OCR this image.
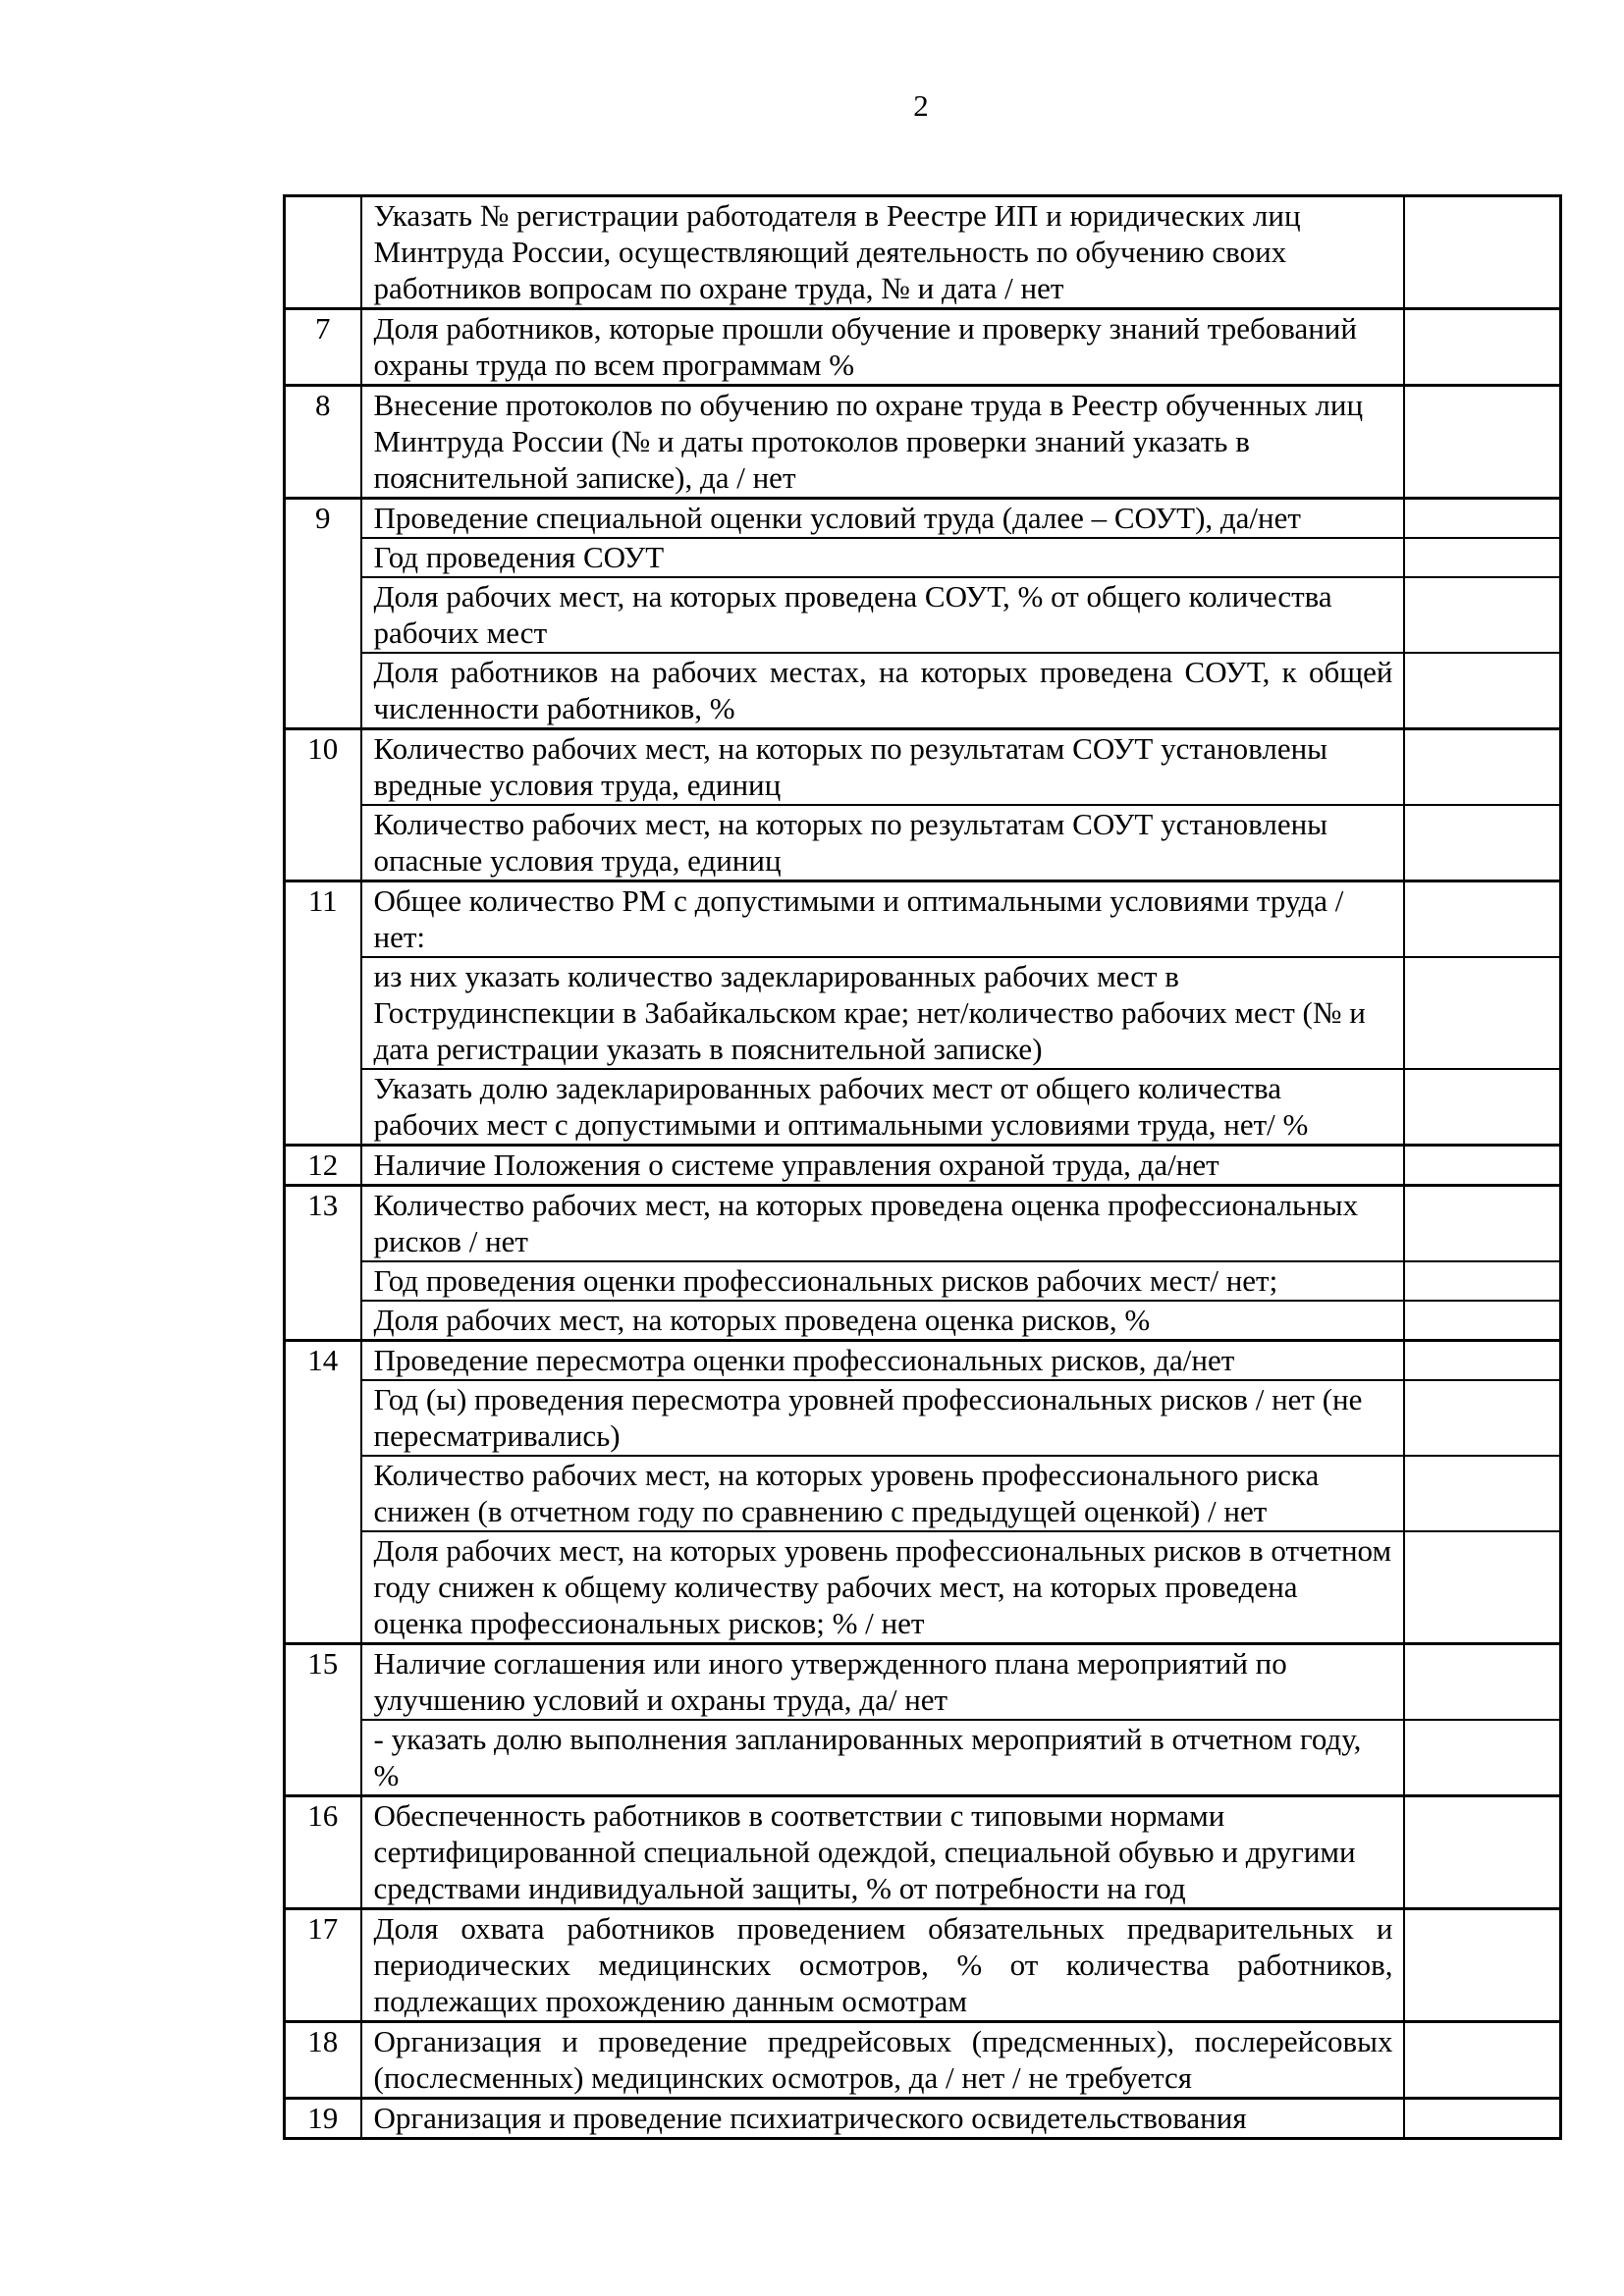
2
	Указать № регистрации работодателя в Реестре ИП и юридических лиц Минтруда России, осуществляющий деятельность по обучению своих работников вопросам по охране труда, № и дата / нет	
7	Доля работников, которые прошли обучение и проверку знаний требований охраны труда по всем программам %	
8	Внесение протоколов по обучению по охране труда в Реестр обученных лиц Минтруда России (№ и даты протоколов проверки знаний указать в пояснительной записке), да / нет	
9	Проведение специальной оценки условий труда (далее – СОУТ), да/нет	
	Год проведения СОУТ	
	Доля рабочих мест, на которых проведена СОУТ, % от общего количества рабочих мест	
	Доля работников на рабочих местах, на которых проведена СОУТ, к общей численности работников, %	
10	Количество рабочих мест, на которых по результатам СОУТ установлены вредные условия труда, единиц	
	Количество рабочих мест, на которых по результатам СОУТ установлены опасные условия труда, единиц	
11	Общее количество РМ с допустимыми и оптимальными условиями труда / нет:	
	из них указать количество задекларированных рабочих мест в Гострудинспекции в Забайкальском крае; нет/количество рабочих мест (№ и дата регистрации указать в пояснительной записке)	
	Указать долю задекларированных рабочих мест от общего количества рабочих мест с допустимыми и оптимальными условиями труда, нет/ %	
12	Наличие Положения о системе управления охраной труда, да/нет	
13	Количество рабочих мест, на которых проведена оценка профессиональных рисков / нет	
	Год проведения оценки профессиональных рисков рабочих мест/ нет;	
	Доля рабочих мест, на которых проведена оценка рисков, %	
14	Проведение пересмотра оценки профессиональных рисков, да/нет	
	Год (ы) проведения пересмотра уровней профессиональных рисков / нет (не пересматривались)	
	Количество рабочих мест, на которых уровень профессионального риска снижен (в отчетном году по сравнению с предыдущей оценкой) / нет	
	Доля рабочих мест, на которых уровень профессиональных рисков в отчетном году снижен к общему количеству рабочих мест, на которых проведена оценка профессиональных рисков; % / нет	
15	Наличие соглашения или иного утвержденного плана мероприятий по улучшению условий и охраны труда, да/ нет	
	- указать долю выполнения запланированных мероприятий в отчетном году, %	
16	Обеспеченность работников в соответствии с типовыми нормами сертифицированной специальной одеждой, специальной обувью и другими средствами индивидуальной защиты, % от потребности на год	
17	Доля охвата работников проведением обязательных предварительных и периодических медицинских осмотров, % от количества работников, подлежащих прохождению данным осмотрам	
18	Организация и проведение предрейсовых (предсменных), послерейсовых (послесменных) медицинских осмотров, да / нет / не требуется	
19	Организация и проведение психиатрического освидетельствования	
